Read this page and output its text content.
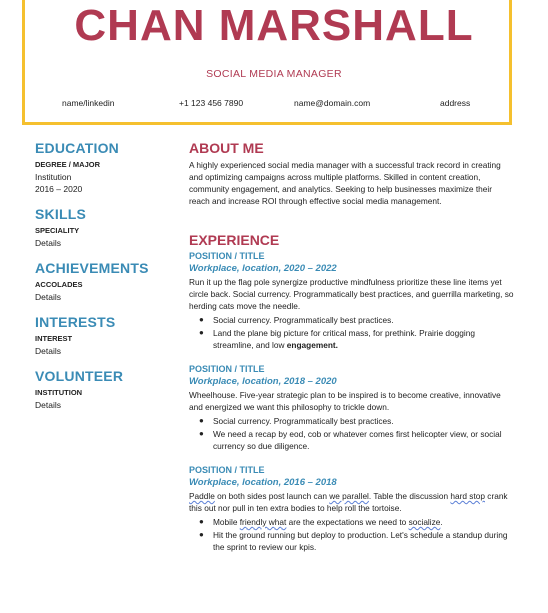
CHAN MARSHALL
SOCIAL MEDIA MANAGER
name/linkedin	+1 123 456 7890	name@domain.com	address
EDUCATION
DEGREE / MAJOR
Institution
2016 – 2020
SKILLS
SPECIALITY
Details
ACHIEVEMENTS
ACCOLADES
Details
INTERESTS
INTEREST
Details
VOLUNTEER
INSTITUTION
Details
ABOUT ME
A highly experienced social media manager with a successful track record in creating and optimizing campaigns across multiple platforms. Skilled in content creation, community engagement, and analytics. Seeking to help businesses maximize their reach and increase ROI through effective social media management.
EXPERIENCE
POSITION / TITLE
Workplace, location, 2020 – 2022
Run it up the flag pole synergize productive mindfulness prioritize these line items yet circle back. Social currency. Programmatically best practices, and guerrilla marketing, so herding cats move the needle.
● Social currency. Programmatically best practices.
● Land the plane big picture for critical mass, for prethink. Prairie dogging streamline, and low engagement.
POSITION / TITLE
Workplace, location, 2018 – 2020
Wheelhouse. Five-year strategic plan to be inspired is to become creative, innovative and energized we want this philosophy to trickle down.
● Social currency. Programmatically best practices.
● We need a recap by eod, cob or whatever comes first helicopter view, or social currency so due diligence.
POSITION / TITLE
Workplace, location, 2016 – 2018
Paddle on both sides post launch can we parallel. Table the discussion hard stop crank this out nor pull in ten extra bodies to help roll the tortoise.
● Mobile friendly what are the expectations we need to socialize.
● Hit the ground running but deploy to production. Let's schedule a standup during the sprint to review our kpis.
